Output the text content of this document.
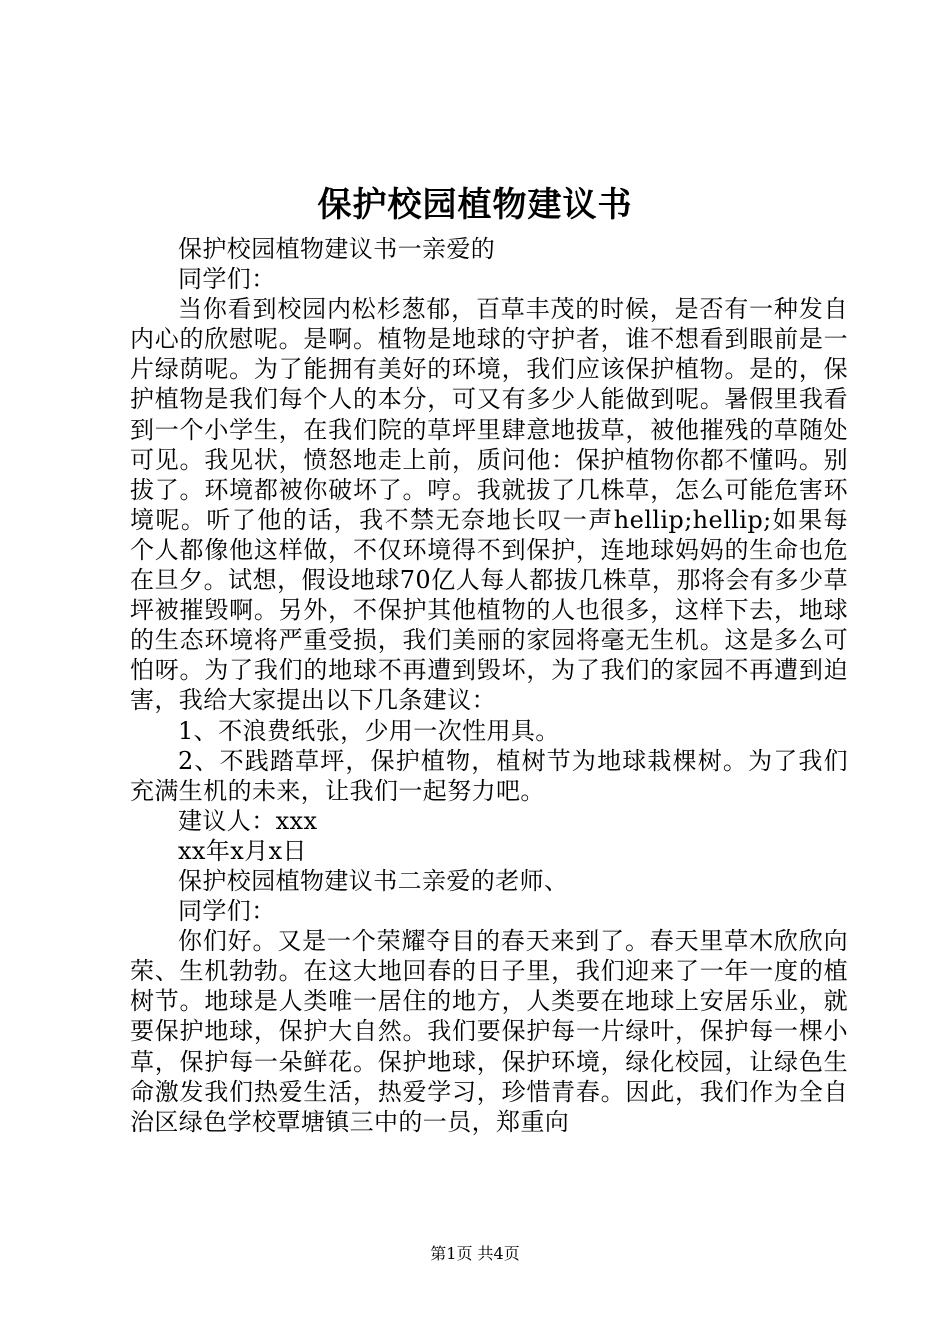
保护校园植物建议书

保护校园植物建议书一亲爱的

同学们：

当你看到校园内松杉葱郁，百草丰茂的时候，是否有一种发自内心的欣慰呢。是啊。植物是地球的守护者，谁不想看到眼前是一片绿荫呢。为了能拥有美好的环境，我们应该保护植物。是的，保护植物是我们每个人的本分，可又有多少人能做到呢。暑假里我看到一个小学生，在我们院的草坪里肆意地拔草，被他摧残的草随处可见。我见状，愤怒地走上前，质问他：保护植物你都不懂吗。别拔了。环境都被你破坏了。哼。我就拔了几株草，怎么可能危害环境呢。听了他的话，我不禁无奈地长叹一声hellip;hellip;如果每个人都像他这样做，不仅环境得不到保护，连地球妈妈的生命也危在旦夕。试想，假设地球70亿人每人都拔几株草，那将会有多少草坪被摧毁啊。另外，不保护其他植物的人也很多，这样下去，地球的生态环境将严重受损，我们美丽的家园将毫无生机。这是多么可怕呀。为了我们的地球不再遭到毁坏，为了我们的家园不再遭到迫害，我给大家提出以下几条建议：

1、不浪费纸张，少用一次性用具。

2、不践踏草坪，保护植物，植树节为地球栽棵树。为了我们充满生机的未来，让我们一起努力吧。

建议人：xxx

xx年x月x日

保护校园植物建议书二亲爱的老师、

同学们：

你们好。又是一个荣耀夺目的春天来到了。春天里草木欣欣向荣、生机勃勃。在这大地回春的日子里，我们迎来了一年一度的植树节。地球是人类唯一居住的地方，人类要在地球上安居乐业，就要保护地球，保护大自然。我们要保护每一片绿叶，保护每一棵小草，保护每一朵鲜花。保护地球，保护环境，绿化校园，让绿色生命激发我们热爱生活，热爱学习，珍惜青春。因此，我们作为全自治区绿色学校覃塘镇三中的一员，郑重向

第1页 共4页
